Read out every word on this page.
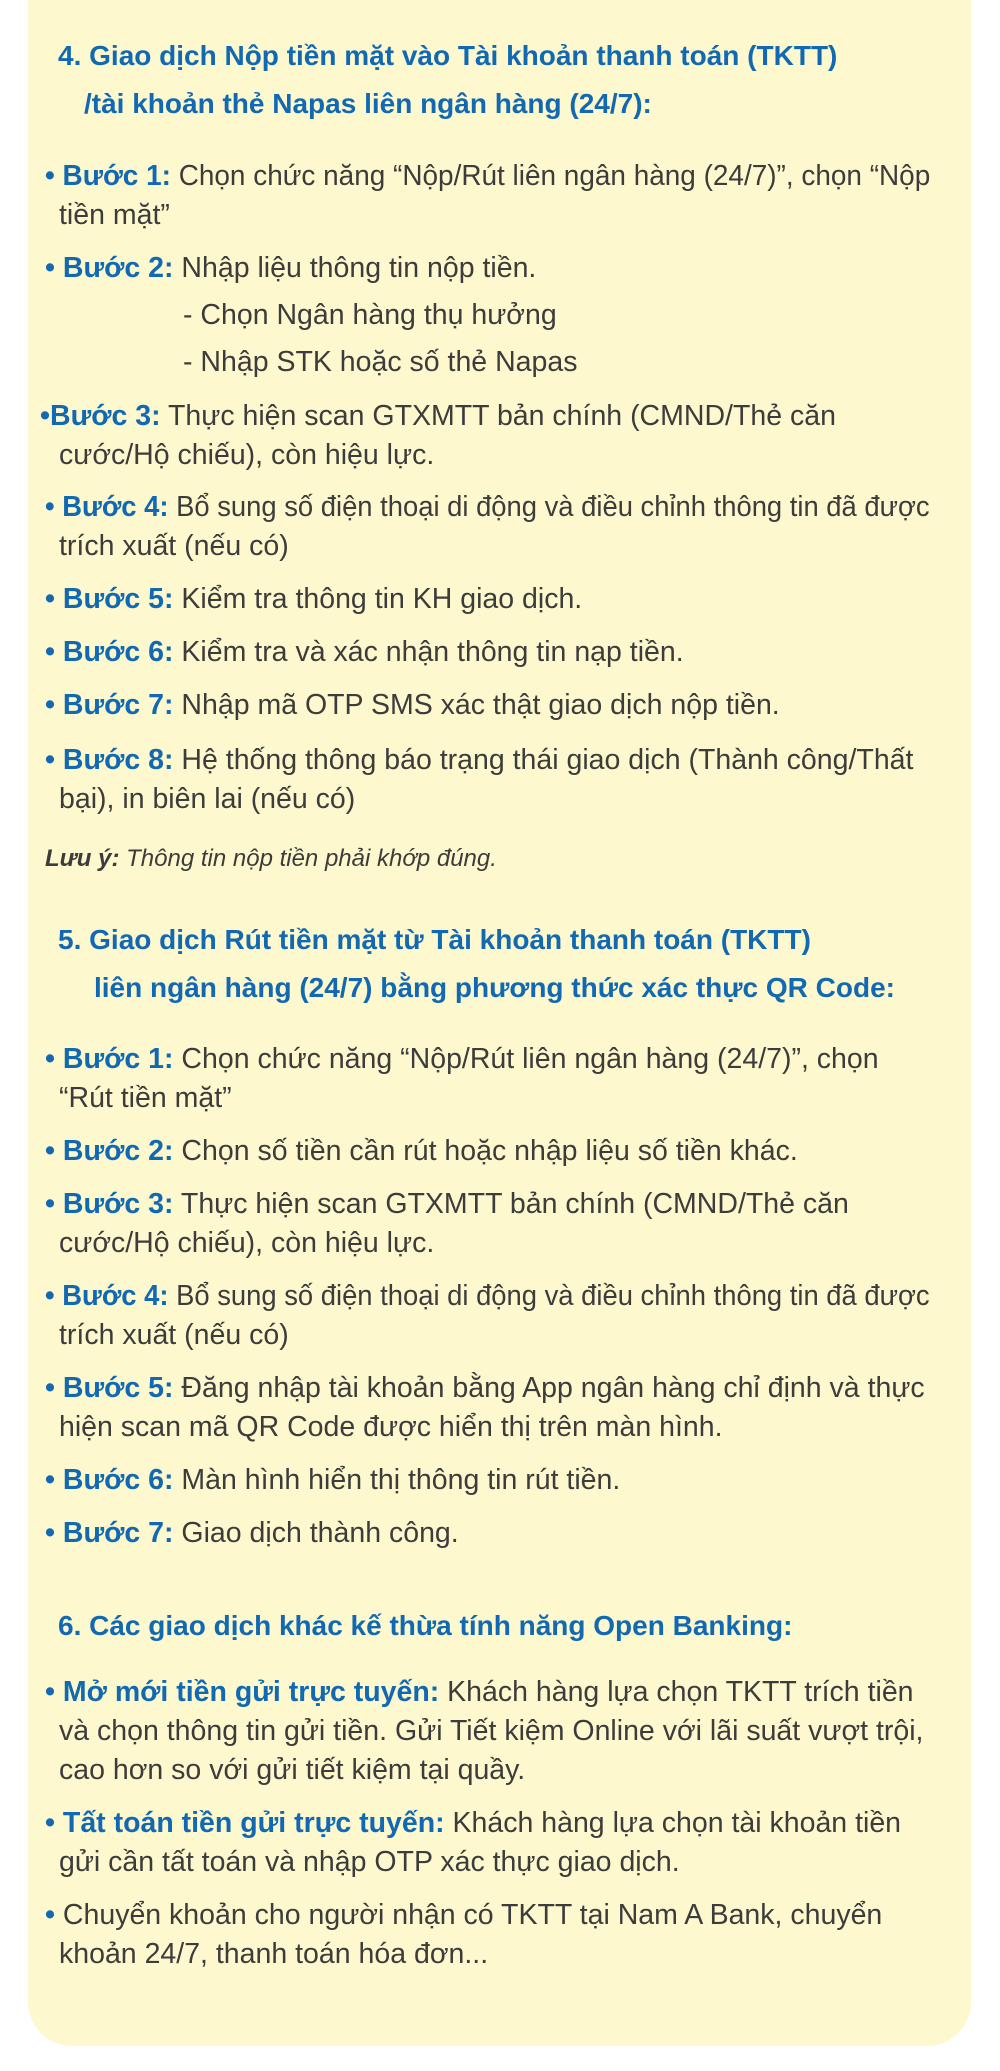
4. Giao dịch Nộp tiền mặt vào Tài khoản thanh toán (TKTT)
/tài khoản thẻ Napas liên ngân hàng (24/7):
• Bước 1: Chọn chức năng “Nộp/Rút liên ngân hàng (24/7)”, chọn “Nộp
tiền mặt”
• Bước 2: Nhập liệu thông tin nộp tiền.
- Chọn Ngân hàng thụ hưởng
- Nhập STK hoặc số thẻ Napas
•Bước 3: Thực hiện scan GTXMTT bản chính (CMND/Thẻ căn
cước/Hộ chiếu), còn hiệu lực.
• Bước 4: Bổ sung số điện thoại di động và điều chỉnh thông tin đã được
trích xuất (nếu có)
• Bước 5: Kiểm tra thông tin KH giao dịch.
• Bước 6: Kiểm tra và xác nhận thông tin nạp tiền.
• Bước 7: Nhập mã OTP SMS xác thật giao dịch nộp tiền.
• Bước 8: Hệ thống thông báo trạng thái giao dịch (Thành công/Thất
bại), in biên lai (nếu có)
Lưu ý: Thông tin nộp tiền phải khớp đúng.
5. Giao dịch Rút tiền mặt từ Tài khoản thanh toán (TKTT)
liên ngân hàng (24/7) bằng phương thức xác thực QR Code:
• Bước 1: Chọn chức năng “Nộp/Rút liên ngân hàng (24/7)”, chọn
“Rút tiền mặt”
• Bước 2: Chọn số tiền cần rút hoặc nhập liệu số tiền khác.
• Bước 3: Thực hiện scan GTXMTT bản chính (CMND/Thẻ căn
cước/Hộ chiếu), còn hiệu lực.
• Bước 4: Bổ sung số điện thoại di động và điều chỉnh thông tin đã được
trích xuất (nếu có)
• Bước 5: Đăng nhập tài khoản bằng App ngân hàng chỉ định và thực
hiện scan mã QR Code được hiển thị trên màn hình.
• Bước 6: Màn hình hiển thị thông tin rút tiền.
• Bước 7: Giao dịch thành công.
6. Các giao dịch khác kế thừa tính năng Open Banking:
• Mở mới tiền gửi trực tuyến: Khách hàng lựa chọn TKTT trích tiền
và chọn thông tin gửi tiền. Gửi Tiết kiệm Online với lãi suất vượt trội,
cao hơn so với gửi tiết kiệm tại quầy.
• Tất toán tiền gửi trực tuyến: Khách hàng lựa chọn tài khoản tiền
gửi cần tất toán và nhập OTP xác thực giao dịch.
• Chuyển khoản cho người nhận có TKTT tại Nam A Bank, chuyển
khoản 24/7, thanh toán hóa đơn...
